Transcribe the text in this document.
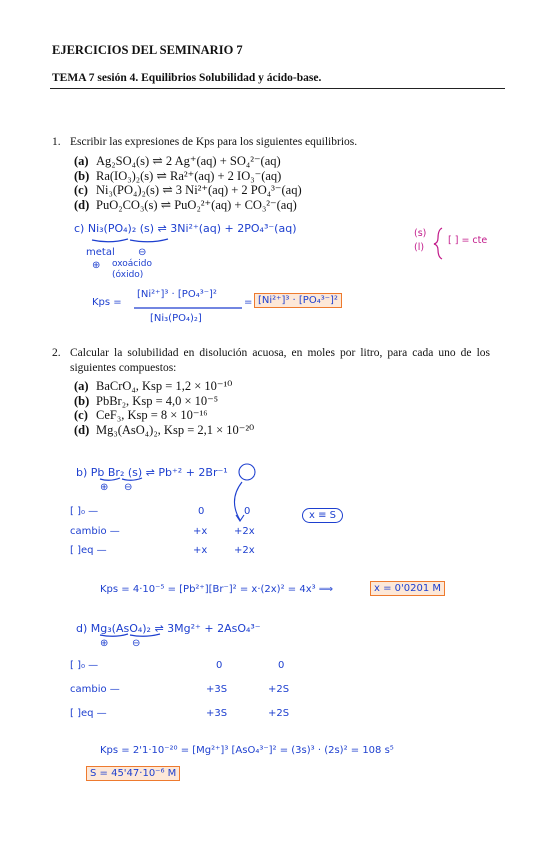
EJERCICIOS DEL SEMINARIO 7
TEMA 7 sesión 4. Equilibrios Solubilidad y ácido-base.
1. Escribir las expresiones de Kps para los siguientes equilibrios.
(a) Ag₂SO₄(s) ⇌ 2 Ag⁺(aq) + SO₄²⁻(aq)
(b) Ra(IO₃)₂(s) ⇌ Ra²⁺(aq) + 2 IO₃⁻(aq)
(c) Ni₃(PO₄)₂(s) ⇌ 3 Ni²⁺(aq) + 2 PO₄³⁻(aq)
(d) PuO₂CO₃(s) ⇌ PuO₂²⁺(aq) + CO₃²⁻(aq)
c) Ni₃(PO₄)₂ (s) ⇌ 3Ni²⁺(aq) + 2PO₄³⁻(aq)
metal ⊖
⊕ oxoácido
(óxido)
(s)
(l)
[ ] = cte
Kps =
[Ni²⁺]³ · [PO₄³⁻]²
[Ni₃(PO₄)₂]
= [Ni²⁺]³ · [PO₄³⁻]²
2. Calcular la solubilidad en disolución acuosa, en moles por litro, para cada uno de los siguientes compuestos:
(a) BaCrO₄, Ksp = 1,2 × 10⁻¹⁰
(b) PbBr₂, Ksp = 4,0 × 10⁻⁵
(c) CeF₃, Ksp = 8 × 10⁻¹⁶
(d) Mg₃(AsO₄)₂, Ksp = 2,1 × 10⁻²⁰
b) Pb Br₂ (s) ⇌ Pb⁺² + 2Br⁻¹
⊕ ⊖
[ ]₀ —	0	0
cambio —	+x	+2x
[ ]eq —	+x	+2x
x ≡ S
Kps = 4·10⁻⁵ = [Pb²⁺][Br⁻]² = x·(2x)² = 4x³ ⟹	x = 0'0201 M
d) Mg₃(AsO₄)₂ ⇌ 3Mg²⁺ + 2AsO₄³⁻
⊕ ⊖
[ ]₀ —	0	0
cambio —	+3S	+2S
[ ]eq —	+3S	+2S
Kps = 2'1·10⁻²⁰ = [Mg²⁺]³ [AsO₄³⁻]² = (3s)³ · (2s)² = 108 s⁵
S = 45'47·10⁻⁶ M
